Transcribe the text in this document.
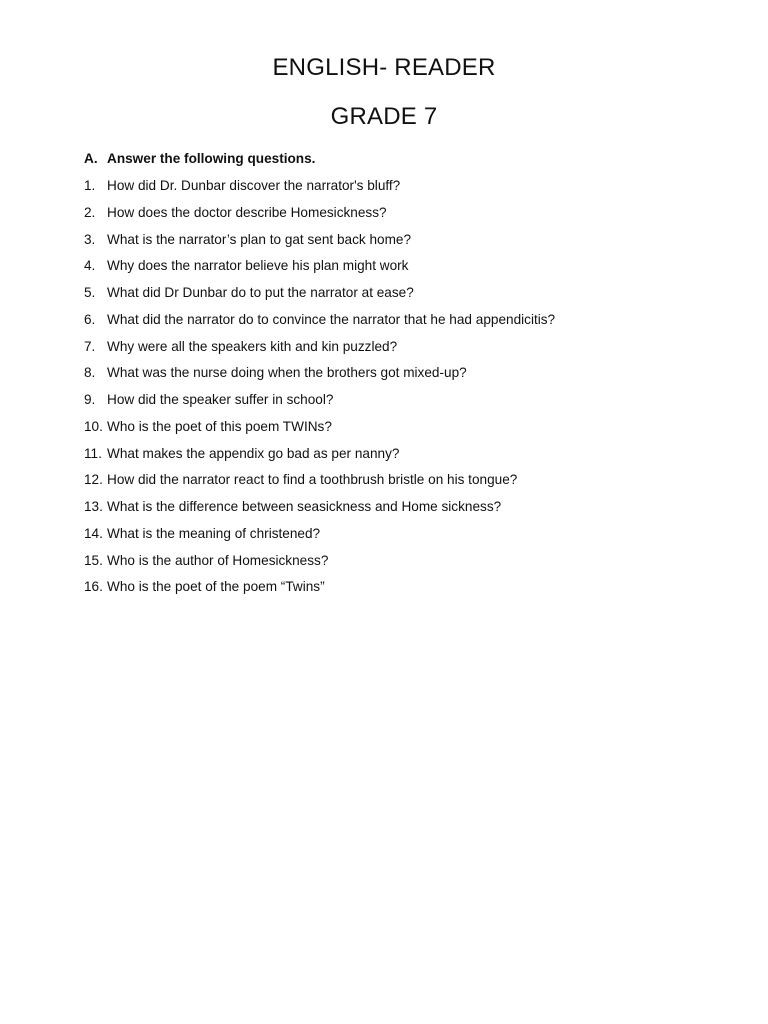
ENGLISH- READER
GRADE 7
A. Answer the following questions.
1. How did Dr. Dunbar discover the narrator's bluff?
2. How does the doctor describe Homesickness?
3. What is the narrator’s plan to gat sent back home?
4. Why does the narrator believe his plan might work
5. What did Dr Dunbar do to put the narrator at ease?
6. What did the narrator do to convince the narrator that he had appendicitis?
7. Why were all the speakers kith and kin puzzled?
8. What was the nurse doing when the brothers got mixed-up?
9. How did the speaker suffer in school?
10. Who is the poet of this poem TWINs?
11. What makes the appendix go bad as per nanny?
12. How did the narrator react to find a toothbrush bristle on his tongue?
13. What is the difference between seasickness and Home sickness?
14. What is the meaning of christened?
15. Who is the author of Homesickness?
16. Who is the poet of the poem “Twins”
